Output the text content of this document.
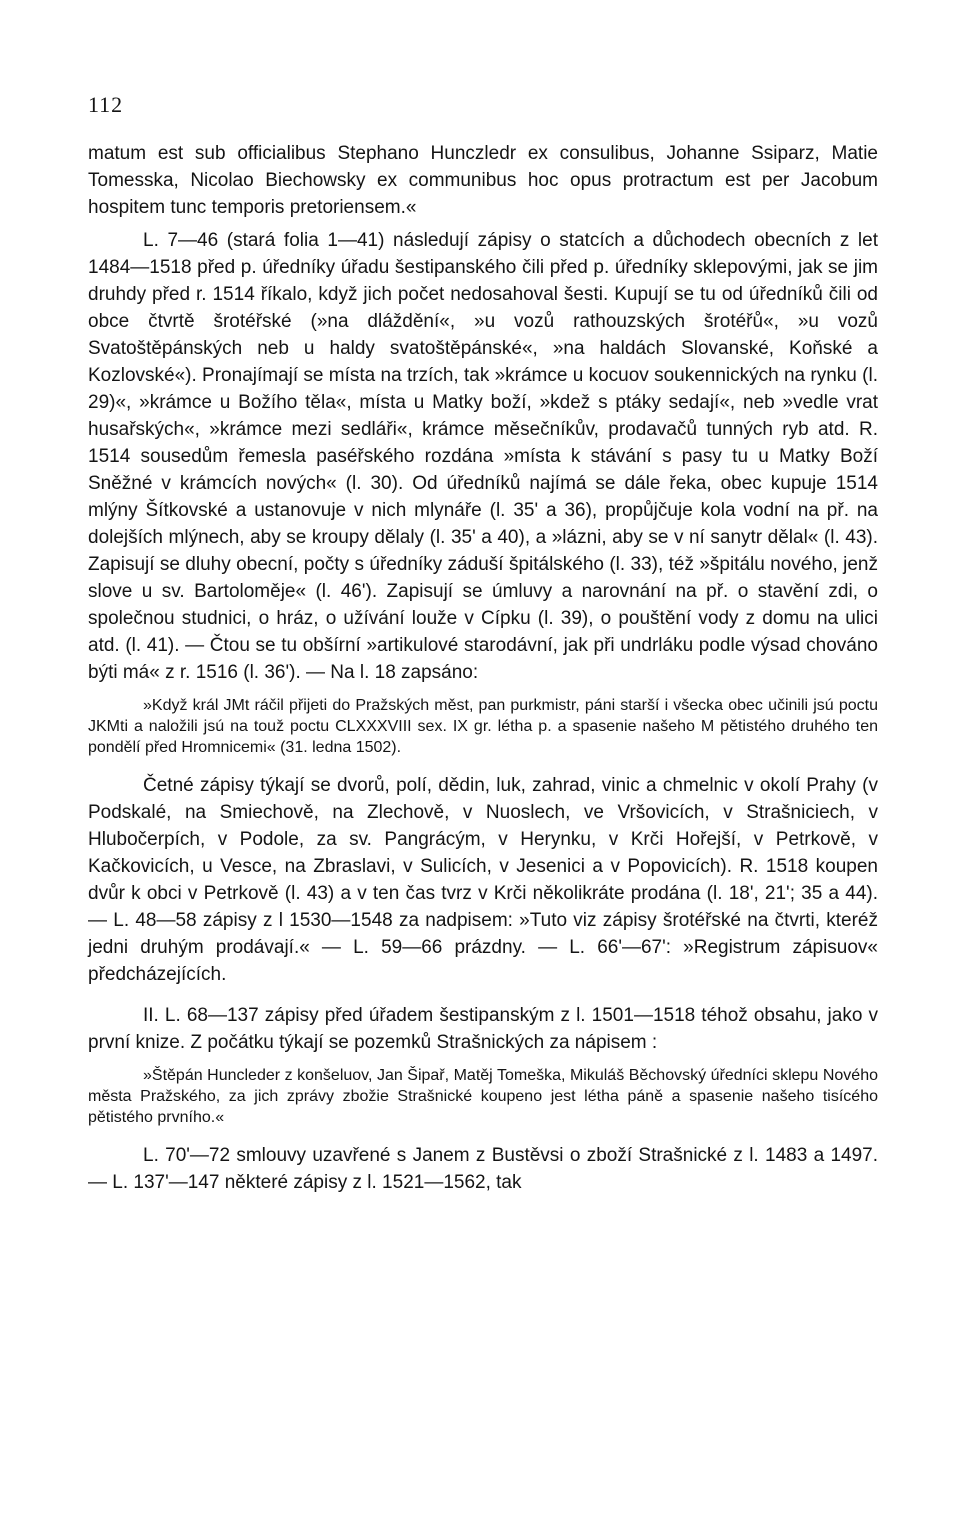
112

matum est sub officialibus Stephano Hunczledr ex consulibus, Johanne Ssiparz, Matie Tomesska, Nicolao Biechowsky ex communibus hoc opus protractum est per Jacobum hospitem tunc temporis pretoriensem.«

L. 7—46 (stará folia 1—41) následují zápisy o statcích a důchodech obecních z let 1484—1518 před p. úředníky úřadu šestipanského čili před p. úředníky sklepovými, jak se jim druhdy před r. 1514 říkalo, když jich počet nedosahoval šesti. Kupují se tu od úředníků čili od obce čtvrtě šrotéřské (»na dláždění«, »u vozů rathouzských šrotéřů«, »u vozů Svatoštěpánských neb u haldy svatoštěpánské«, »na haldách Slovanské, Koňské a Kozlovské«). Pronajímají se místa na trzích, tak »krámce u kocuov soukennických na rynku (l. 29)«, »krámce u Božího těla«, místa u Matky boží, »kdež s ptáky sedají«, neb »vedle vrat husařských«, »krámce mezi sedláři«, krámce měsečníkův, prodavačů tunných ryb atd. R. 1514 sousedům řemesla paséřského rozdána »místa k stávání s pasy tu u Matky Boží Sněžné v krámcích nových« (l. 30). Od úředníků najímá se dále řeka, obec kupuje 1514 mlýny Šítkovské a ustanovuje v nich mlynáře (l. 35' a 36), propůjčuje kola vodní na př. na dolejších mlýnech, aby se kroupy dělaly (l. 35' a 40), a »lázni, aby se v ní sanytr dělal« (l. 43). Zapisují se dluhy obecní, počty s úředníky záduší špitálského (l. 33), též »špitálu nového, jenž slove u sv. Bartoloměje« (l. 46'). Zapisují se úmluvy a narovnání na př. o stavění zdi, o společnou studnici, o hráz, o užívání louže v Cípku (l. 39), o pouštění vody z domu na ulici atd. (l. 41). — Čtou se tu obšírní »artikulové starodávní, jak při undrláku podle výsad chováno býti má« z r. 1516 (l. 36'). — Na l. 18 zapsáno:

»Když král JMt ráčil přijeti do Pražských měst, pan purkmistr, páni starší i všecka obec učinili jsú poctu JKMti a naložili jsú na touž poctu CLXXXVIII sex. IX gr. létha p. a spasenie našeho M pětistého druhého ten pondělí před Hromnicemi« (31. ledna 1502).

Četné zápisy týkají se dvorů, polí, dědin, luk, zahrad, vinic a chmelnic v okolí Prahy (v Podskalé, na Smiechově, na Zlechově, v Nuoslech, ve Vršovicích, v Strašniciech, v Hlubočerpích, v Podole, za sv. Pangrácým, v Herynku, v Krči Hořejší, v Petrkově, v Kačkovicích, u Vesce, na Zbraslavi, v Sulicích, v Jesenici a v Popovicích). R. 1518 koupen dvůr k obci v Petrkově (l. 43) a v ten čas tvrz v Krči několikráte prodána (l. 18', 21'; 35 a 44). — L. 48—58 zápisy z l 1530—1548 za nadpisem: »Tuto viz zápisy šrotéřské na čtvrti, kteréž jedni druhým prodávají.« — L. 59—66 prázdny. — L. 66'—67': »Registrum zápisuov« předcházejících.

II. L. 68—137 zápisy před úřadem šestipanským z l. 1501—1518 téhož obsahu, jako v první knize. Z počátku týkají se pozemků Strašnických za nápisem :

»Štěpán Huncleder z konšeluov, Jan Šipař, Matěj Tomeška, Mikuláš Běchovský úředníci sklepu Nového města Pražského, za jich zprávy zbožie Strašnické koupeno jest létha páně a spasenie našeho tisícého pětistého prvního.«

L. 70'—72 smlouvy uzavřené s Janem z Bustěvsi o zboží Strašnické z l. 1483 a 1497. — L. 137'—147 některé zápisy z l. 1521—1562, tak
